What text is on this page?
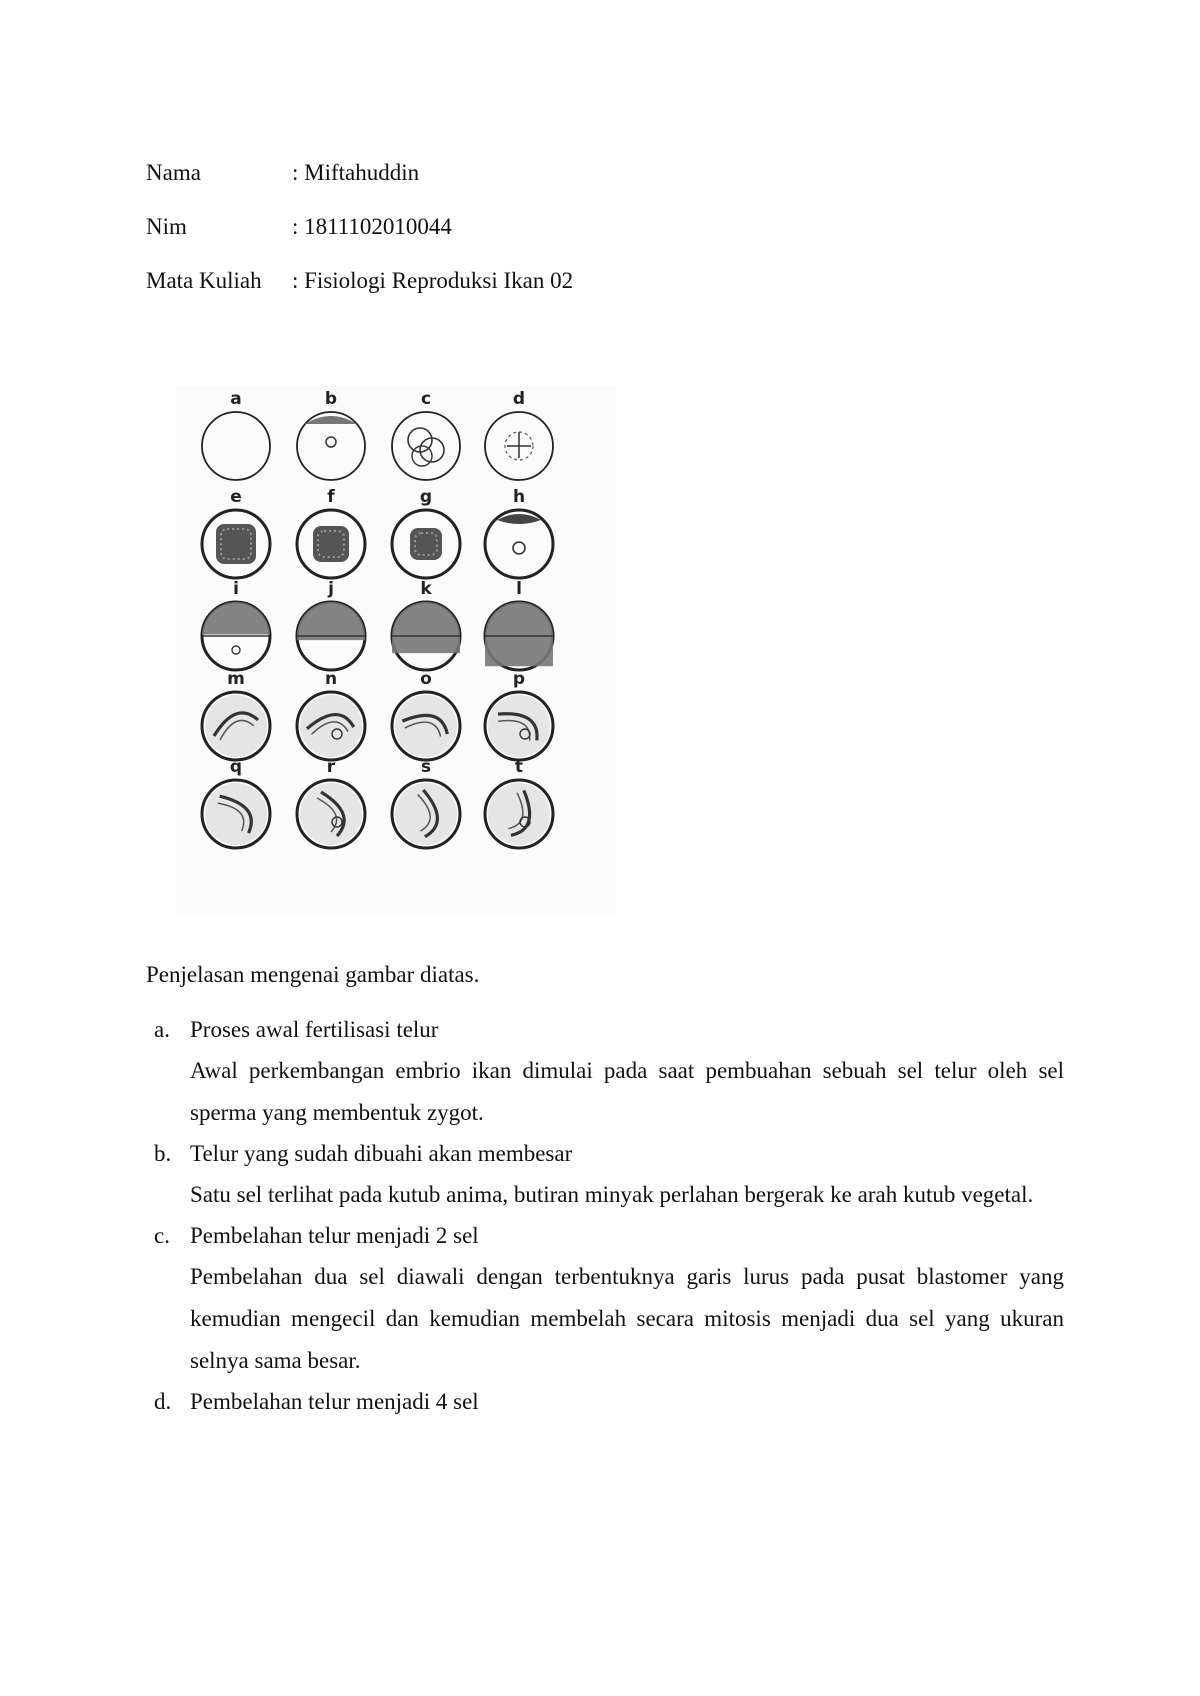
Nama	: Miftahuddin
Nim	: 1811102010044
Mata Kuliah : Fisiologi Reproduksi Ikan 02
a	b	c	d
e	f	g	h
i	j	k	l
m	n	o	p
q	r	s	t
Penjelasan mengenai gambar diatas.
a. Proses awal fertilisasi telur
Awal perkembangan embrio ikan dimulai pada saat pembuahan sebuah sel telur oleh sel sperma yang membentuk zygot.
b. Telur yang sudah dibuahi akan membesar
Satu sel terlihat pada kutub anima, butiran minyak perlahan bergerak ke arah kutub vegetal.
c. Pembelahan telur menjadi 2 sel
Pembelahan dua sel diawali dengan terbentuknya garis lurus pada pusat blastomer yang kemudian mengecil dan kemudian membelah secara mitosis menjadi dua sel yang ukuran selnya sama besar.
d. Pembelahan telur menjadi 4 sel
